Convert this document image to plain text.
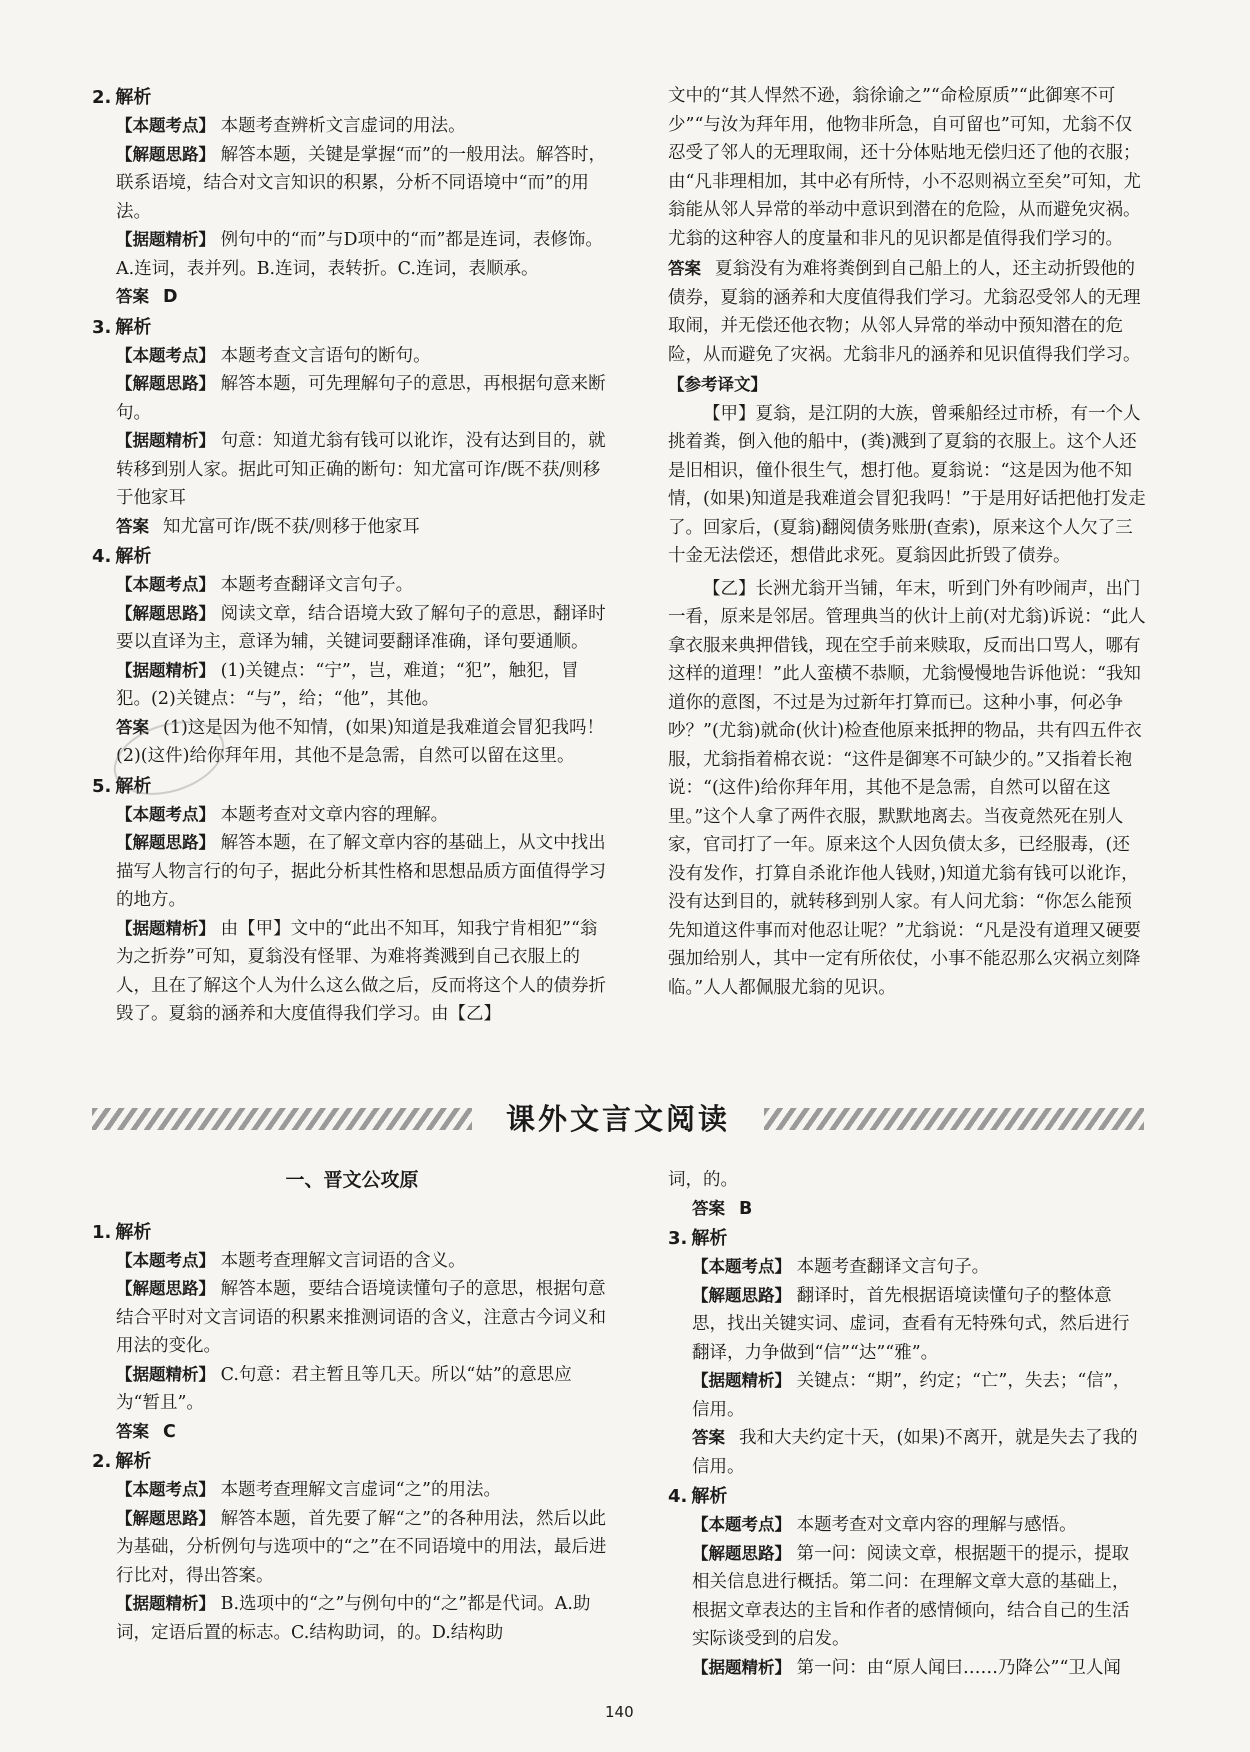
2. 解析
【本题考点】 本题考查辨析文言虚词的用法。
【解题思路】 解答本题，关键是掌握“而”的一般用法。解答时，联系语境，结合对文言知识的积累，分析不同语境中“而”的用法。
【据题精析】 例句中的“而”与D项中的“而”都是连词，表修饰。A.连词，表并列。B.连词，表转折。C.连词，表顺承。
答案 D
3. 解析
【本题考点】 本题考查文言语句的断句。
【解题思路】 解答本题，可先理解句子的意思，再根据句意来断句。
【据题精析】 句意：知道尤翁有钱可以讹诈，没有达到目的，就转移到别人家。据此可知正确的断句：知尤富可诈/既不获/则移于他家耳
答案 知尤富可诈/既不获/则移于他家耳
4. 解析
【本题考点】 本题考查翻译文言句子。
【解题思路】 阅读文章，结合语境大致了解句子的意思，翻译时要以直译为主，意译为辅，关键词要翻译准确，译句要通顺。
【据题精析】 (1)关键点：“宁”，岂，难道；“犯”，触犯，冒犯。(2)关键点：“与”，给；“他”，其他。
答案 (1)这是因为他不知情，(如果)知道是我难道会冒犯我吗！
(2)(这件)给你拜年用，其他不是急需，自然可以留在这里。
5. 解析
【本题考点】 本题考查对文章内容的理解。
【解题思路】 解答本题，在了解文章内容的基础上，从文中找出描写人物言行的句子，据此分析其性格和思想品质方面值得学习的地方。
【据题精析】 由【甲】文中的“此出不知耳，知我宁肯相犯”“翁为之折券”可知，夏翁没有怪罪、为难将粪溅到自己衣服上的人，且在了解这个人为什么这么做之后，反而将这个人的债券折毁了。夏翁的涵养和大度值得我们学习。由【乙】
文中的“其人悍然不逊，翁徐谕之”“命检原质”“此御寒不可少”“与汝为拜年用，他物非所急，自可留也”可知，尤翁不仅忍受了邻人的无理取闹，还十分体贴地无偿归还了他的衣服；由“凡非理相加，其中必有所恃，小不忍则祸立至矣”可知，尤翁能从邻人异常的举动中意识到潜在的危险，从而避免灾祸。尤翁的这种容人的度量和非凡的见识都是值得我们学习的。
答案 夏翁没有为难将粪倒到自己船上的人，还主动折毁他的债券，夏翁的涵养和大度值得我们学习。尤翁忍受邻人的无理取闹，并无偿还他衣物；从邻人异常的举动中预知潜在的危险，从而避免了灾祸。尤翁非凡的涵养和见识值得我们学习。
【参考译文】
【甲】夏翁，是江阴的大族，曾乘船经过市桥，有一个人挑着粪，倒入他的船中，(粪)溅到了夏翁的衣服上。这个人还是旧相识，僮仆很生气，想打他。夏翁说：“这是因为他不知情，(如果)知道是我难道会冒犯我吗！”于是用好话把他打发走了。回家后，(夏翁)翻阅债务账册(查索)，原来这个人欠了三十金无法偿还，想借此求死。夏翁因此折毁了债券。
【乙】长洲尤翁开当铺，年末，听到门外有吵闹声，出门一看，原来是邻居。管理典当的伙计上前(对尤翁)诉说：“此人拿衣服来典押借钱，现在空手前来赎取，反而出口骂人，哪有这样的道理！”此人蛮横不恭顺，尤翁慢慢地告诉他说：“我知道你的意图，不过是为过新年打算而已。这种小事，何必争吵？”(尤翁)就命(伙计)检查他原来抵押的物品，共有四五件衣服，尤翁指着棉衣说：“这件是御寒不可缺少的。”又指着长袍说：“(这件)给你拜年用，其他不是急需，自然可以留在这里。”这个人拿了两件衣服，默默地离去。当夜竟然死在别人家，官司打了一年。原来这个人因负债太多，已经服毒，(还没有发作，打算自杀讹诈他人钱财，)知道尤翁有钱可以讹诈，没有达到目的，就转移到别人家。有人问尤翁：“你怎么能预先知道这件事而对他忍让呢？”尤翁说：“凡是没有道理又硬要强加给别人，其中一定有所依仗，小事不能忍那么灾祸立刻降临。”人人都佩服尤翁的见识。
课外文言文阅读
一、晋文公攻原
1. 解析
【本题考点】 本题考查理解文言词语的含义。
【解题思路】 解答本题，要结合语境读懂句子的意思，根据句意结合平时对文言词语的积累来推测词语的含义，注意古今词义和用法的变化。
【据题精析】 C.句意：君主暂且等几天。所以“姑”的意思应为“暂且”。
答案 C
2. 解析
【本题考点】 本题考查理解文言虚词“之”的用法。
【解题思路】 解答本题，首先要了解“之”的各种用法，然后以此为基础，分析例句与选项中的“之”在不同语境中的用法，最后进行比对，得出答案。
【据题精析】 B.选项中的“之”与例句中的“之”都是代词。A.助词，定语后置的标志。C.结构助词，的。D.结构助
词，的。
答案 B
3. 解析
【本题考点】 本题考查翻译文言句子。
【解题思路】 翻译时，首先根据语境读懂句子的整体意思，找出关键实词、虚词，查看有无特殊句式，然后进行翻译，力争做到“信”“达”“雅”。
【据题精析】 关键点：“期”，约定；“亡”，失去；“信”，信用。
答案 我和大夫约定十天，(如果)不离开，就是失去了我的信用。
4. 解析
【本题考点】 本题考查对文章内容的理解与感悟。
【解题思路】 第一问：阅读文章，根据题干的提示，提取相关信息进行概括。第二问：在理解文章大意的基础上，根据文章表达的主旨和作者的感情倾向，结合自己的生活实际谈受到的启发。
【据题精析】 第一问：由“原人闻曰……乃降公”“卫人闻
140
